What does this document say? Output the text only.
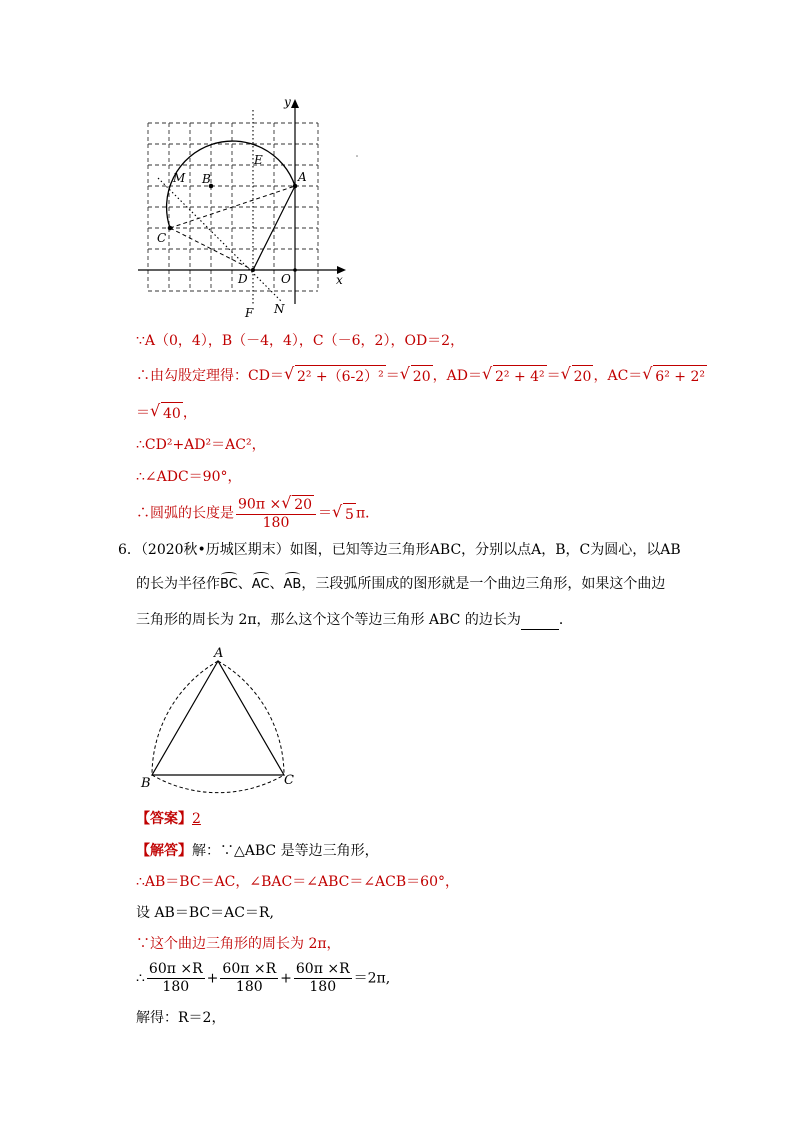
y
x
E
M B	A
C
D	O
F N
∵A（0，4），B（－4，4），C（－6，2），OD＝2，
∴由勾股定理得：CD＝ √ 2² +（6-2）² ＝ √ 20 ，AD＝ √ 2² + 4² ＝ √ 20 ，AC＝ √ 6² + 2²
＝ √ 40 ，
∴CD²+AD²＝AC²，
∴∠ADC＝90°，
∴圆弧的长度是 $\frac{90\pi \times √ 20}{180}$ ＝ √ 5 π．
6．（2020秋•历城区期末）如图，已知等边三角形ABC，分别以点A，B，C为圆心，以AB
的长为半径作BC、AC、AB，三段弧所围成的图形就是一个曲边三角形，如果这个曲边
三角形的周长为 2π，那么这个这个等边三角形 ABC 的边长为	．
A
B	C
【答案】2
【解答】解：∵△ABC 是等边三角形，
∴AB＝BC＝AC，∠BAC＝∠ABC＝∠ACB＝60°，
设 AB＝BC＝AC＝R,
∵这个曲边三角形的周长为 2π，
∴ $\frac{60\pi \times R}{180} + \frac{60\pi \times R}{180} + \frac{60\pi \times R}{180} =2\pi$,
解得：R＝2，
